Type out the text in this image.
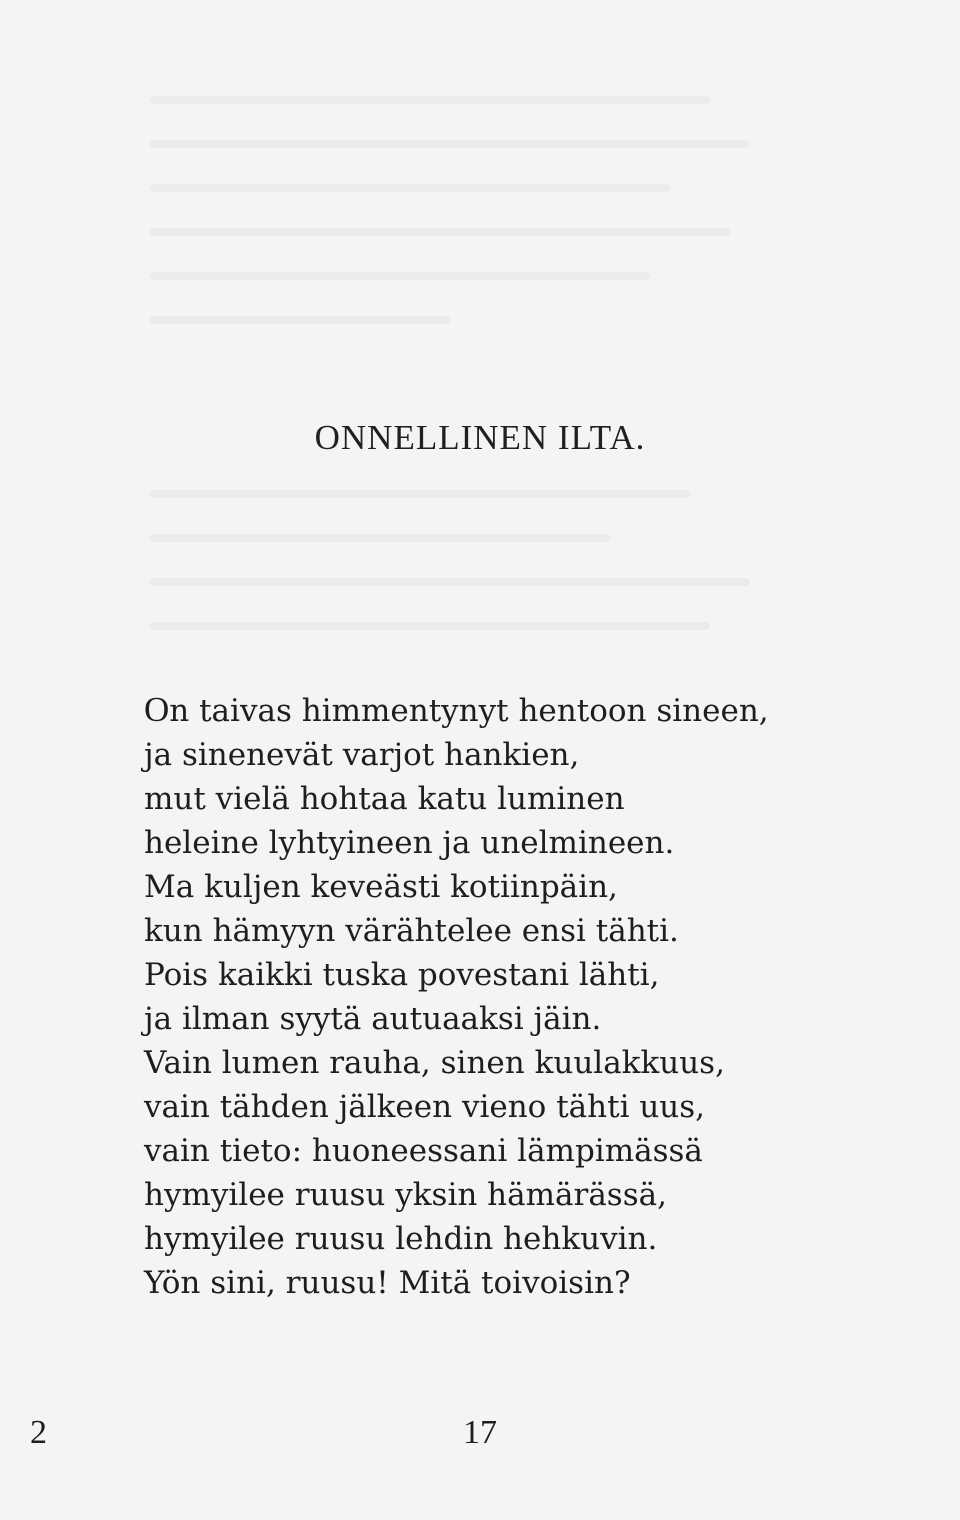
ONNELLINEN ILTA.
On taivas himmentynyt hentoon sineen,
ja sinenevät varjot hankien,
mut vielä hohtaa katu luminen
heleine lyhtyineen ja unelmineen.
Ma kuljen keveästi kotiinpäin,
kun hämyyn värähtelee ensi tähti.
Pois kaikki tuska povestani lähti,
ja ilman syytä autuaaksi jäin.
Vain lumen rauha, sinen kuulakkuus,
vain tähden jälkeen vieno tähti uus,
vain tieto: huoneessani lämpimässä
hymyilee ruusu yksin hämärässä,
hymyilee ruusu lehdin hehkuvin.
Yön sini, ruusu! Mitä toivoisin?
2	17
